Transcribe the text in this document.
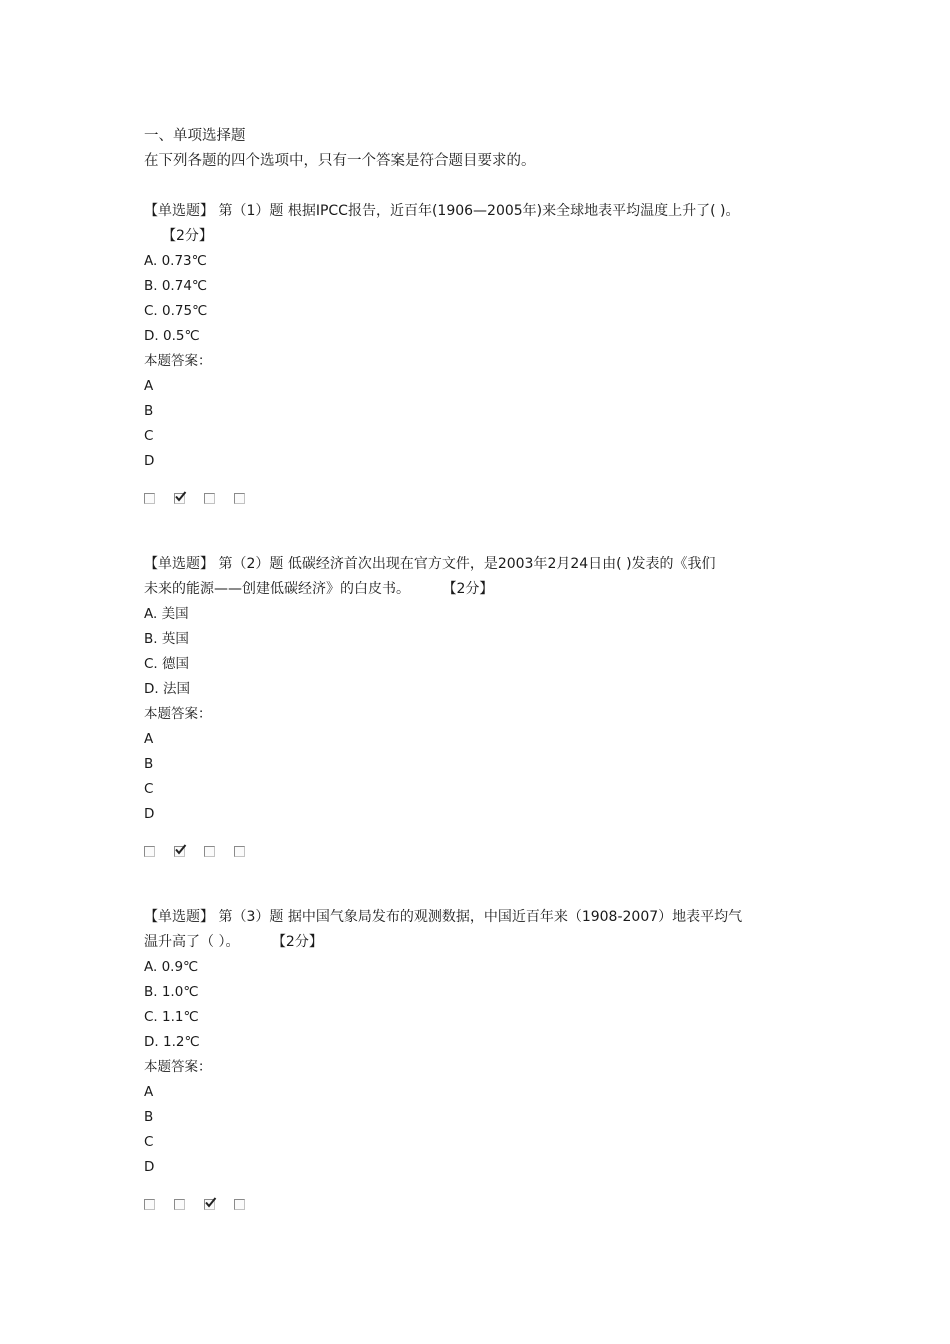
一、单项选择题
在下列各题的四个选项中，只有一个答案是符合题目要求的。
【单选题】 第（1）题 根据IPCC报告，近百年(1906—2005年)来全球地表平均温度上升了( )。
【2分】
A. 0.73℃
B. 0.74℃
C. 0.75℃
D. 0.5℃
本题答案：
A
B
C
D
【单选题】 第（2）题 低碳经济首次出现在官方文件，是2003年2月24日由( )发表的《我们
未来的能源——创建低碳经济》的白皮书。 【2分】
A. 美国
B. 英国
C. 德国
D. 法国
本题答案：
A
B
C
D
【单选题】 第（3）题 据中国气象局发布的观测数据，中国近百年来（1908-2007）地表平均气
温升高了（ ）。 【2分】
A. 0.9℃
B. 1.0℃
C. 1.1℃
D. 1.2℃
本题答案：
A
B
C
D
